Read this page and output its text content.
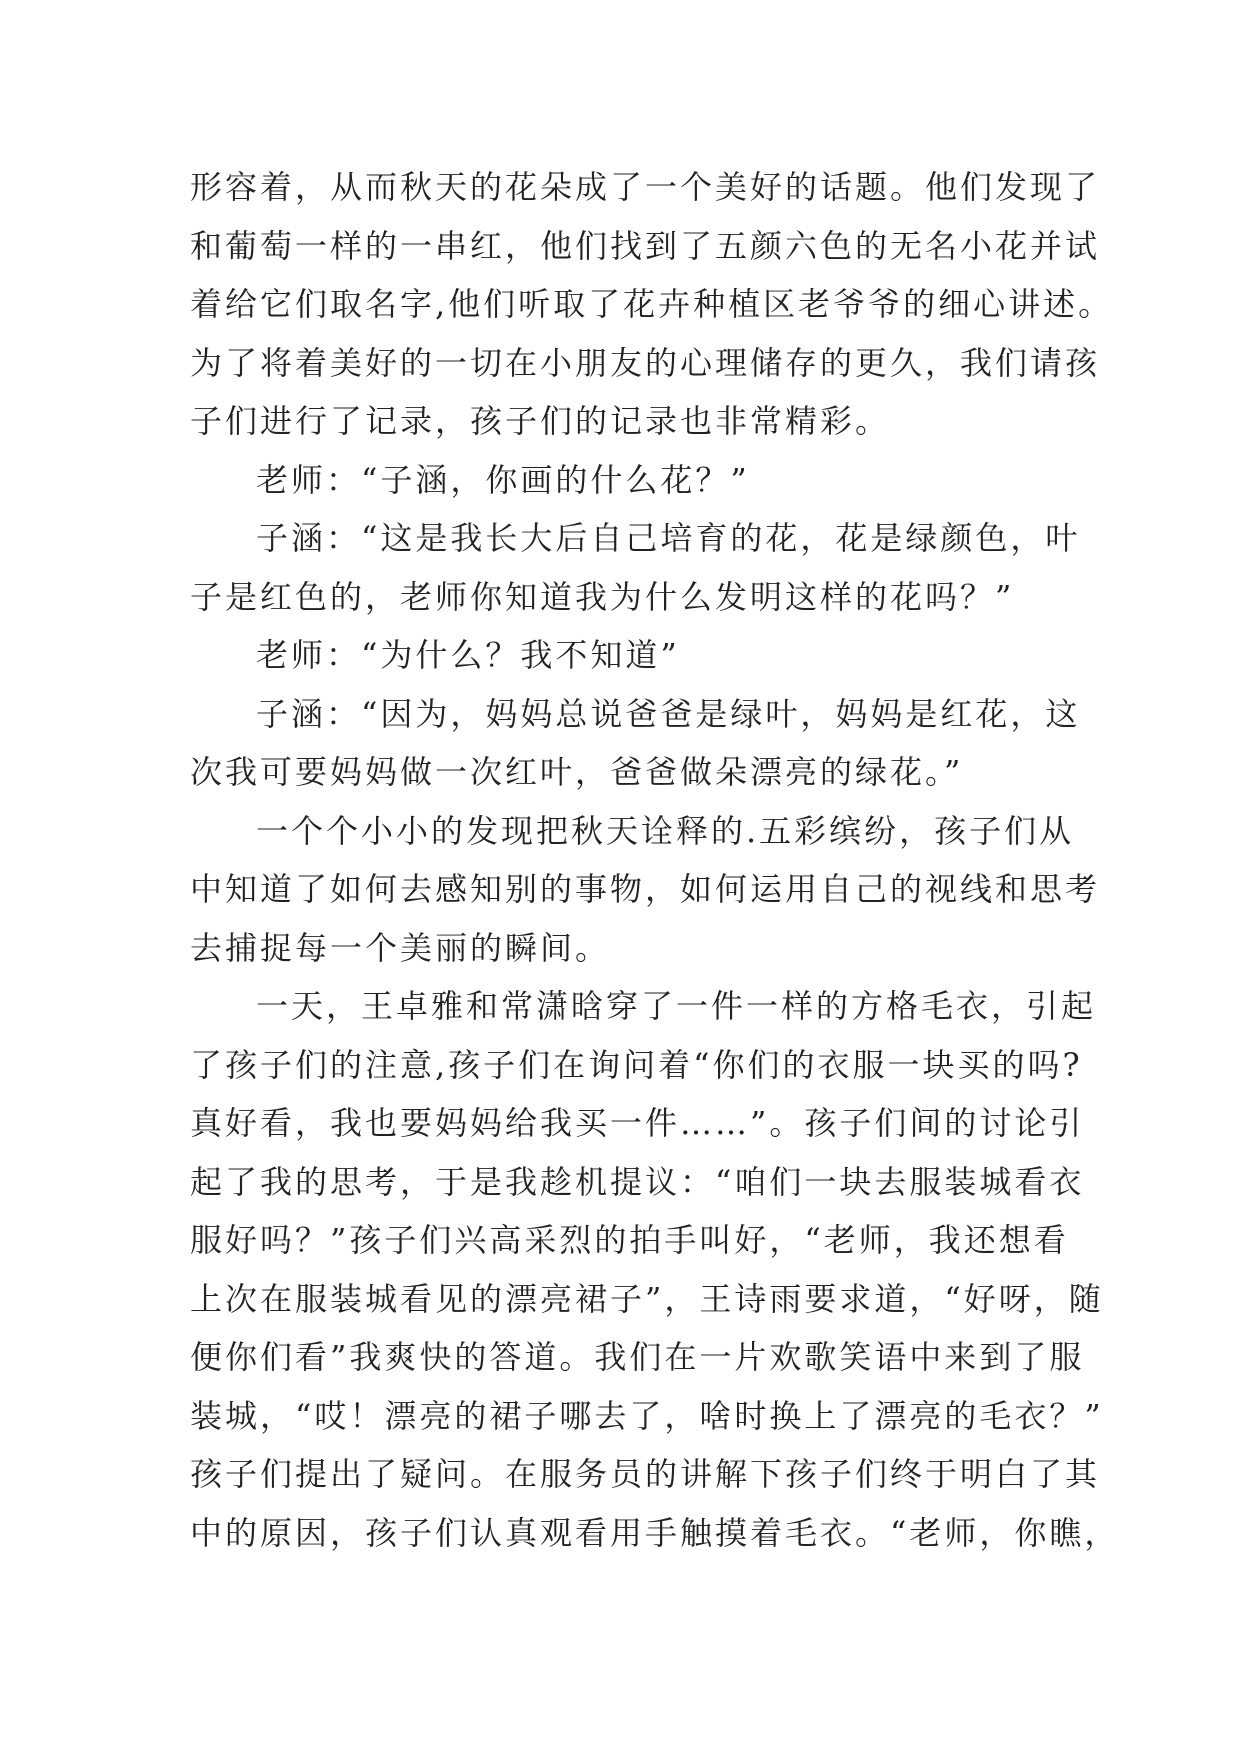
形容着，从而秋天的花朵成了一个美好的话题。他们发现了
和葡萄一样的一串红，他们找到了五颜六色的无名小花并试
着给它们取名字,他们听取了花卉种植区老爷爷的细心讲述。
为了将着美好的一切在小朋友的心理储存的更久，我们请孩
子们进行了记录，孩子们的记录也非常精彩。
老师：“子涵，你画的什么花？”
子涵：“这是我长大后自己培育的花，花是绿颜色，叶
子是红色的，老师你知道我为什么发明这样的花吗？”
老师：“为什么？我不知道”
子涵：“因为，妈妈总说爸爸是绿叶，妈妈是红花，这
次我可要妈妈做一次红叶，爸爸做朵漂亮的绿花。”
一个个小小的发现把秋天诠释的.五彩缤纷，孩子们从
中知道了如何去感知别的事物，如何运用自己的视线和思考
去捕捉每一个美丽的瞬间。
一天，王卓雅和常潇晗穿了一件一样的方格毛衣，引起
了孩子们的注意,孩子们在询问着“你们的衣服一块买的吗?
真好看，我也要妈妈给我买一件……”。孩子们间的讨论引
起了我的思考，于是我趁机提议：“咱们一块去服装城看衣
服好吗？”孩子们兴高采烈的拍手叫好，“老师，我还想看
上次在服装城看见的漂亮裙子”，王诗雨要求道，“好呀，随
便你们看”我爽快的答道。我们在一片欢歌笑语中来到了服
装城，“哎！漂亮的裙子哪去了，啥时换上了漂亮的毛衣？”
孩子们提出了疑问。在服务员的讲解下孩子们终于明白了其
中的原因，孩子们认真观看用手触摸着毛衣。“老师，你瞧，
